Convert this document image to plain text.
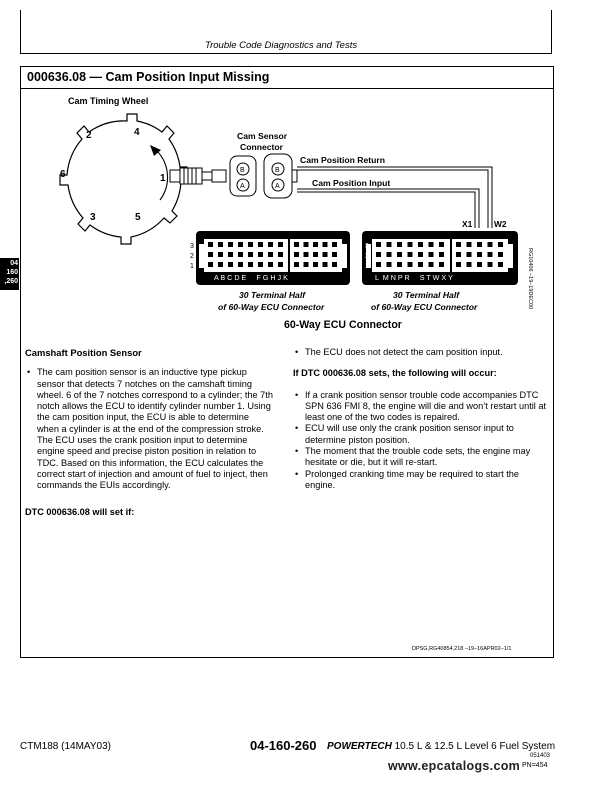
Trouble Code Diagnostics and Tests
04
160
,260
000636.08 — Cam Position Input Missing
Cam Timing Wheel
1
2
3
4
5
6	B
A
Cam Sensor
Connector
B
A
Cam Position Return
Cam Position Input
X1	W2
A B C D E     F G H J K
3
2
1
L  M N P R     S T W X Y
3
2
1
30 Terminal Half
of 60-Way ECU Connector
30 Terminal Half
of 60-Way ECU Connector
60-Way ECU Connector
RG10406 –19–19DEC00
Camshaft Position Sensor
• The cam position sensor is an inductive type pickup sensor that detects 7 notches on the camshaft timing wheel. 6 of the 7 notches correspond to a cylinder; the 7th notch allows the ECU to identify cylinder number 1. Using the cam position input, the ECU is able to determine when a cylinder is at the end of the compression stroke. The ECU uses the crank position input to determine engine speed and precise piston position in relation to TDC. Based on this information, the ECU calculates the correct start of injection and amount of fuel to inject, then commands the EUIs accordingly.
DTC 000636.08 will set if:
• The ECU does not detect the cam position input.
If DTC 000636.08 sets, the following will occur:
• If a crank position sensor trouble code accompanies DTC SPN 636 FMI 8, the engine will die and won’t restart until at least one of the two codes is repaired.
• ECU will use only the crank position sensor input to determine piston position.
• The moment that the trouble code sets, the engine may hesitate or die, but it will re-start.
• Prolonged cranking time may be required to start the engine.
DPSG,RG40854,218 –19–16APR02–1/1
CTM188 (14MAY03)	04-160-260 POWERTECH 10.5 L & 12.5 L Level 6 Fuel System
051403
PN=454
www.epcatalogs.com
